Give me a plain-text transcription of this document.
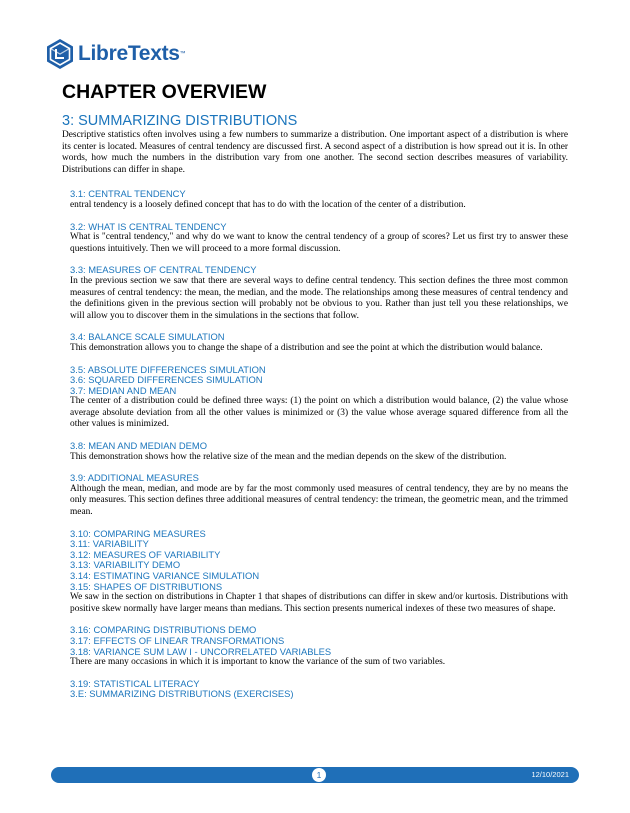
LibreTexts ™
CHAPTER OVERVIEW
3: SUMMARIZING DISTRIBUTIONS

Descriptive statistics often involves using a few numbers to summarize a distribution. One important aspect of a distribution is where its center is located. Measures of central tendency are discussed first. A second aspect of a distribution is how spread out it is. In other words, how much the numbers in the distribution vary from one another. The second section describes measures of variability. Distributions can differ in shape.

3.1: CENTRAL TENDENCY

entral tendency is a loosely defined concept that has to do with the location of the center of a distribution.

3.2: WHAT IS CENTRAL TENDENCY

What is "central tendency," and why do we want to know the central tendency of a group of scores? Let us first try to answer these questions intuitively. Then we will proceed to a more formal discussion.

3.3: MEASURES OF CENTRAL TENDENCY

In the previous section we saw that there are several ways to define central tendency. This section defines the three most common measures of central tendency: the mean, the median, and the mode. The relationships among these measures of central tendency and the definitions given in the previous section will probably not be obvious to you. Rather than just tell you these relationships, we will allow you to discover them in the simulations in the sections that follow.

3.4: BALANCE SCALE SIMULATION

This demonstration allows you to change the shape of a distribution and see the point at which the distribution would balance.

3.5: ABSOLUTE DIFFERENCES SIMULATION
3.6: SQUARED DIFFERENCES SIMULATION
3.7: MEDIAN AND MEAN

The center of a distribution could be defined three ways: (1) the point on which a distribution would balance, (2) the value whose average absolute deviation from all the other values is minimized or (3) the value whose average squared difference from all the other values is minimized.

3.8: MEAN AND MEDIAN DEMO

This demonstration shows how the relative size of the mean and the median depends on the skew of the distribution.

3.9: ADDITIONAL MEASURES

Although the mean, median, and mode are by far the most commonly used measures of central tendency, they are by no means the only measures. This section defines three additional measures of central tendency: the trimean, the geometric mean, and the trimmed mean.

3.10: COMPARING MEASURES
3.11: VARIABILITY
3.12: MEASURES OF VARIABILITY
3.13: VARIABILITY DEMO
3.14: ESTIMATING VARIANCE SIMULATION
3.15: SHAPES OF DISTRIBUTIONS

We saw in the section on distributions in Chapter 1 that shapes of distributions can differ in skew and/or kurtosis. Distributions with positive skew normally have larger means than medians. This section presents numerical indexes of these two measures of shape.

3.16: COMPARING DISTRIBUTIONS DEMO
3.17: EFFECTS OF LINEAR TRANSFORMATIONS
3.18: VARIANCE SUM LAW I - UNCORRELATED VARIABLES

There are many occasions in which it is important to know the variance of the sum of two variables.

3.19: STATISTICAL LITERACY
3.E: SUMMARIZING DISTRIBUTIONS (EXERCISES)
1	12/10/2021
